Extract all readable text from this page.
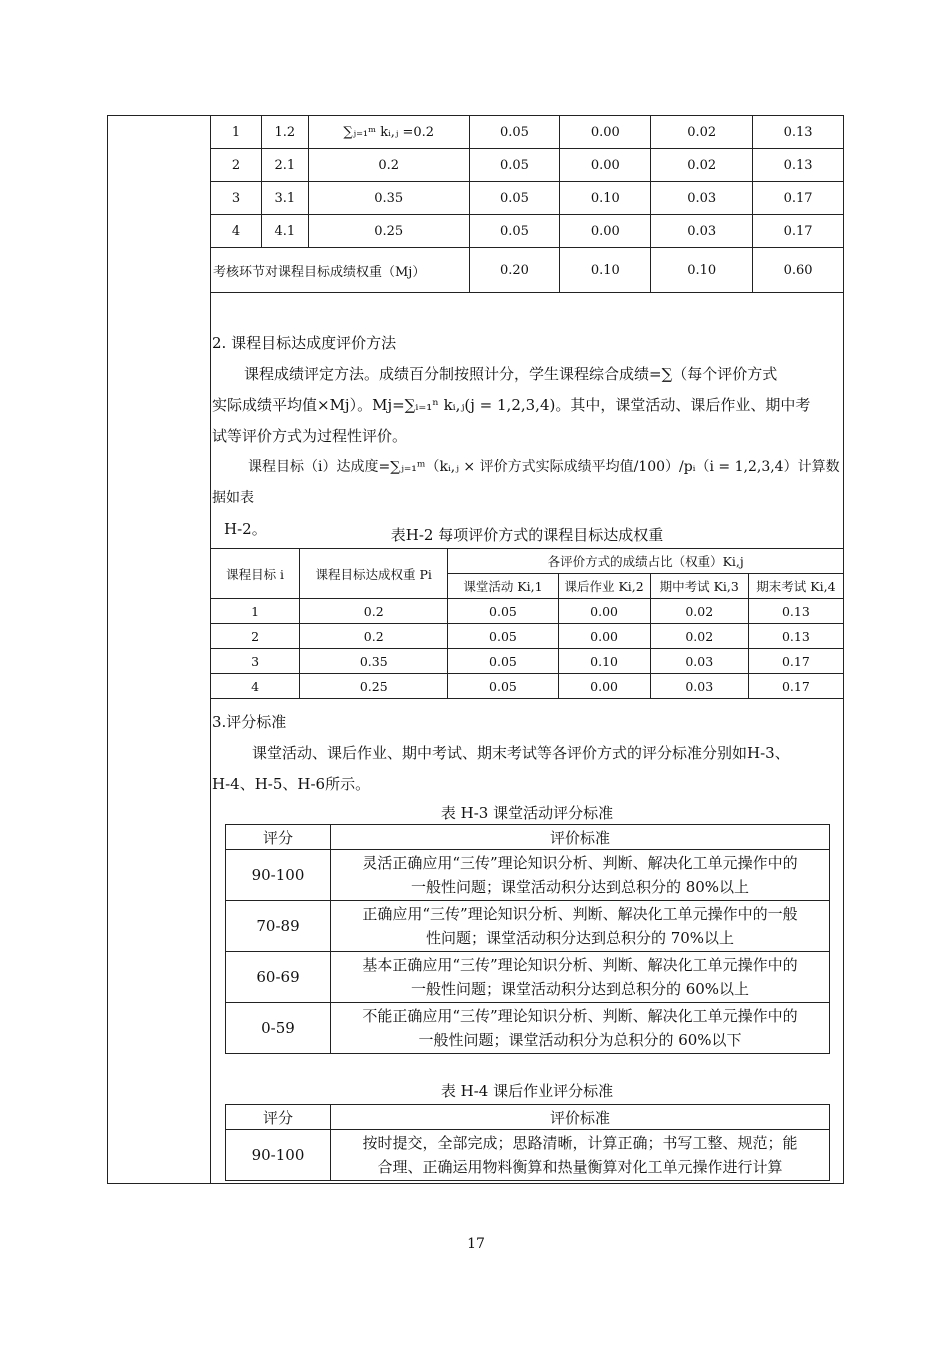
1	1.2	∑ⱼ₌₁ᵐ kᵢ,ⱼ =0.2	0.05	0.00	0.02	0.13
2	2.1	0.2	0.05	0.00	0.02	0.13
3	3.1	0.35	0.05	0.10	0.03	0.17
4	4.1	0.25	0.05	0.00	0.03	0.17
考核环节对课程目标成绩权重（Mj）			0.20	0.10	0.10	0.60
2. 课程目标达成度评价方法
课程成绩评定方法。成绩百分制按照计分，学生课程综合成绩=∑（每个评价方式
实际成绩平均值×Mj）。Mj=∑ᵢ₌₁ⁿ kᵢ,ⱼ(j = 1,2,3,4)。其中，课堂活动、课后作业、期中考
试等评价方式为过程性评价。
课程目标（i）达成度=∑ⱼ₌₁ᵐ（kᵢ,ⱼ × 评价方式实际成绩平均值/100）/pᵢ（i = 1,2,3,4）计算数据如表
H-2。	表H-2 每项评价方式的课程目标达成权重
课程目标 i	课程目标达成权重 Pi	各评价方式的成绩占比（权重）Ki,j			
		课堂活动 Ki,1	课后作业 Ki,2	期中考试 Ki,3	期末考试 Ki,4
1	0.2	0.05	0.00	0.02	0.13
2	0.2	0.05	0.00	0.02	0.13
3	0.35	0.05	0.10	0.03	0.17
4	0.25	0.05	0.00	0.03	0.17
3.评分标准
课堂活动、课后作业、期中考试、期末考试等各评价方式的评分标准分别如H-3、
H-4、H-5、H-6所示。
表 H-3 课堂活动评分标准
评分	评价标准
90-100	灵活正确应用“三传”理论知识分析、判断、解决化工单元操作中的
一般性问题；课堂活动积分达到总积分的 80%以上

70-89	正确应用“三传”理论知识分析、判断、解决化工单元操作中的一般
性问题；课堂活动积分达到总积分的 70%以上

60-69	基本正确应用“三传”理论知识分析、判断、解决化工单元操作中的
一般性问题；课堂活动积分达到总积分的 60%以上

0-59	不能正确应用“三传”理论知识分析、判断、解决化工单元操作中的
一般性问题；课堂活动积分为总积分的 60%以下
表 H-4 课后作业评分标准
评分	评价标准
90-100	按时提交，全部完成；思路清晰，计算正确；书写工整、规范；能
合理、正确运用物料衡算和热量衡算对化工单元操作进行计算
17
